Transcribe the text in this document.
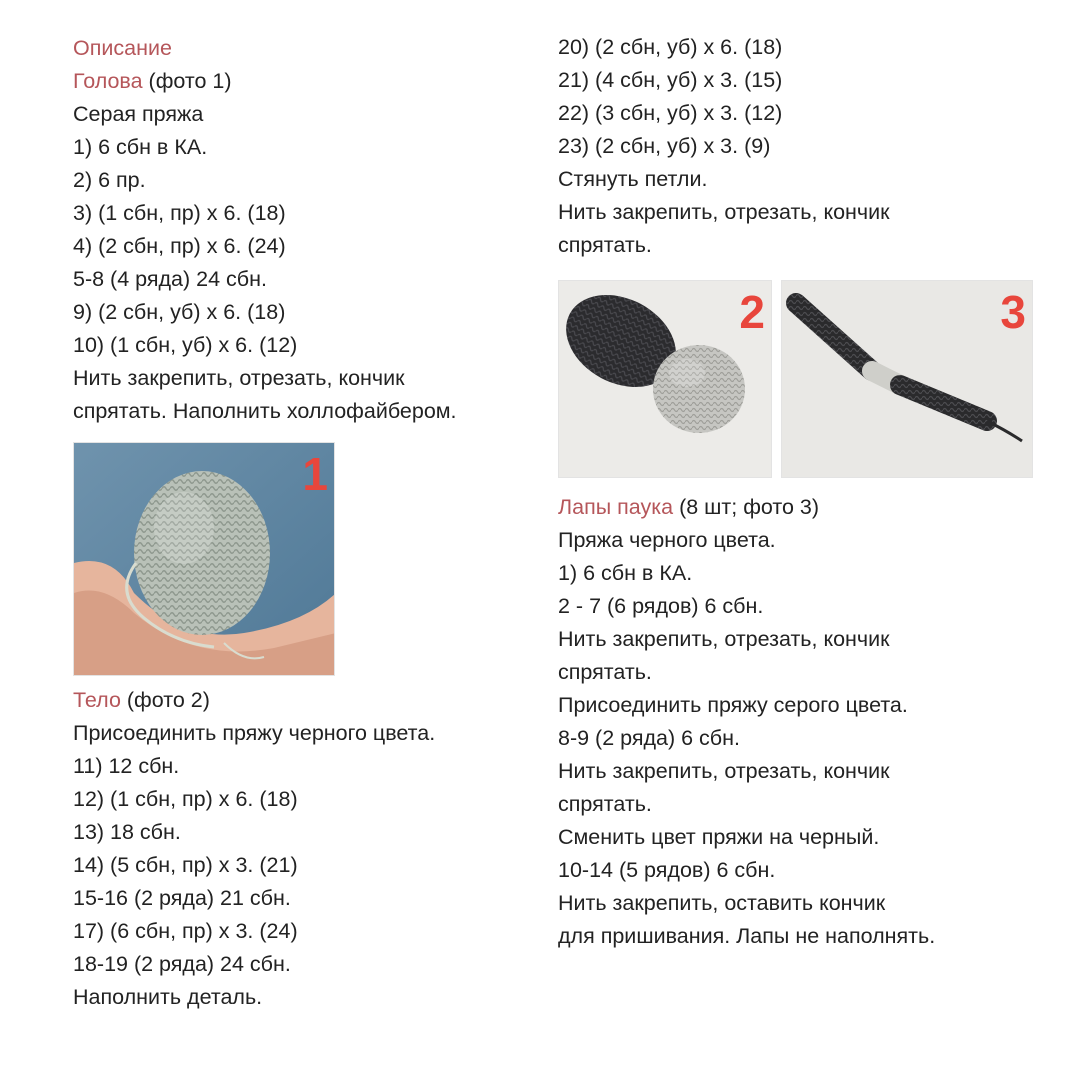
Описание
Голова (фото 1)
Серая пряжа
1) 6 сбн в КА.
2) 6 пр.
3) (1 сбн, пр) х 6. (18)
4) (2 сбн, пр) х 6. (24)
5-8 (4 ряда) 24 сбн.
9) (2 сбн, уб) х 6. (18)
10) (1 сбн, уб) х 6. (12)
Нить закрепить, отрезать, кончик
спрятать. Наполнить холлофайбером.
1
Тело (фото 2)
Присоединить пряжу черного цвета.
11) 12 сбн.
12) (1 сбн, пр) х 6. (18)
13) 18 сбн.
14) (5 сбн, пр) х 3. (21)
15-16 (2 ряда) 21 сбн.
17) (6 сбн, пр) х 3. (24)
18-19 (2 ряда) 24 сбн.
Наполнить деталь.
20) (2 сбн, уб) х 6. (18)
21) (4 сбн, уб) х 3. (15)
22) (3 сбн, уб) х 3. (12)
23) (2 сбн, уб) х 3. (9)
Стянуть петли.
Нить закрепить, отрезать, кончик
спрятать.
2	3
Лапы паука (8 шт; фото 3)
Пряжа черного цвета.
1) 6 сбн в КА.
2 - 7 (6 рядов) 6 сбн.
Нить закрепить, отрезать, кончик
спрятать.
Присоединить пряжу серого цвета.
8-9 (2 ряда) 6 сбн.
Нить закрепить, отрезать, кончик
спрятать.
Сменить цвет пряжи на черный.
10-14 (5 рядов) 6 сбн.
Нить закрепить, оставить кончик
для пришивания. Лапы не наполнять.
